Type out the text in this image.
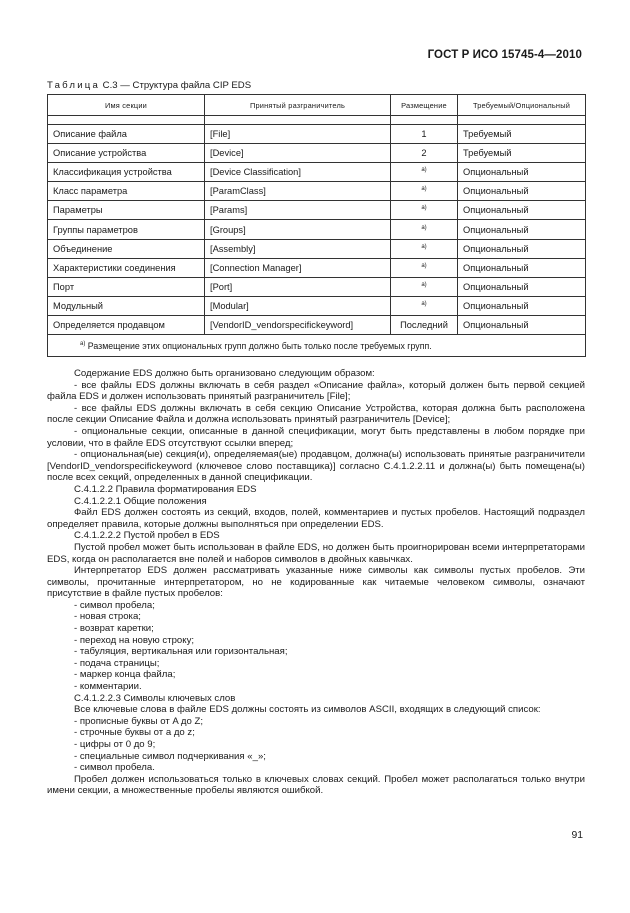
ГОСТ Р ИСО 15745-4—2010
Таблица С.3 — Структура файла CIP EDS
Имя секции	Принятый разграничитель	Размещение	Требуемый/Опциональный

Описание файла	[File]	1	Требуемый
Описание устройства	[Device]	2	Требуемый
Классификация устройства	[Device Classification]	$^{а)}$	Опциональный
Класс параметра	[ParamClass]	$^{а)}$	Опциональный
Параметры	[Params]	$^{а)}$	Опциональный
Группы параметров	[Groups]	$^{а)}$	Опциональный
Объединение	[Assembly]	$^{а)}$	Опциональный
Характеристики соединения	[Connection Manager]	$^{а)}$	Опциональный
Порт	[Port]	$^{а)}$	Опциональный
Модульный	[Modular]	$^{а)}$	Опциональный
Определяется продавцом	[VendorID_vendorspecifickeyword]	Последний	Опциональный
$^{а)}$ Размещение этих опциональных групп должно быть только после требуемых групп.			

Содержание EDS должно быть организовано следующим образом:

- все файлы EDS должны включать в себя раздел «Описание файла», который должен быть первой секцией файла EDS и должен использовать принятый разграничитель [File];

- все файлы EDS должны включать в себя секцию Описание Устройства, которая должна быть расположена после секции Описание Файла и должна использовать принятый разграничитель [Device];

- опциональные секции, описанные в данной спецификации, могут быть представлены в любом порядке при условии, что в файле EDS отсутствуют ссылки вперед;

- опциональная(ые) секция(и), определяемая(ые) продавцом, должна(ы) использовать принятые разграничители [VendorID_vendorspecifickeyword (ключевое слово поставщика)] согласно С.4.1.2.2.11 и должна(ы) быть помещена(ы) после всех секций, определенных в данной спецификации.

С.4.1.2.2 Правила форматирования EDS

С.4.1.2.2.1 Общие положения

Файл EDS должен состоять из секций, входов, полей, комментариев и пустых пробелов. Настоящий подраздел определяет правила, которые должны выполняться при определении EDS.

С.4.1.2.2.2 Пустой пробел в EDS

Пустой пробел может быть использован в файле EDS, но должен быть проигнорирован всеми интерпретаторами EDS, когда он располагается вне полей и наборов символов в двойных кавычках.

Интерпретатор EDS должен рассматривать указанные ниже символы как символы пустых пробелов. Эти символы, прочитанные интерпретатором, но не кодированные как читаемые человеком символы, означают присутствие в файле пустых пробелов:

- символ пробела;

- новая строка;

- возврат каретки;

- переход на новую строку;

- табуляция, вертикальная или горизонтальная;

- подача страницы;

- маркер конца файла;

- комментарии.

С.4.1.2.2.3 Символы ключевых слов

Все ключевые слова в файле EDS должны состоять из символов ASCII, входящих в следующий список:

- прописные буквы от A до Z;

- строчные буквы от a до z;

- цифры от 0 до 9;

- специальные символ подчеркивания «_»;

- символ пробела.

Пробел должен использоваться только в ключевых словах секций. Пробел может располагаться только внутри имени секции, а множественные пробелы являются ошибкой.

91
